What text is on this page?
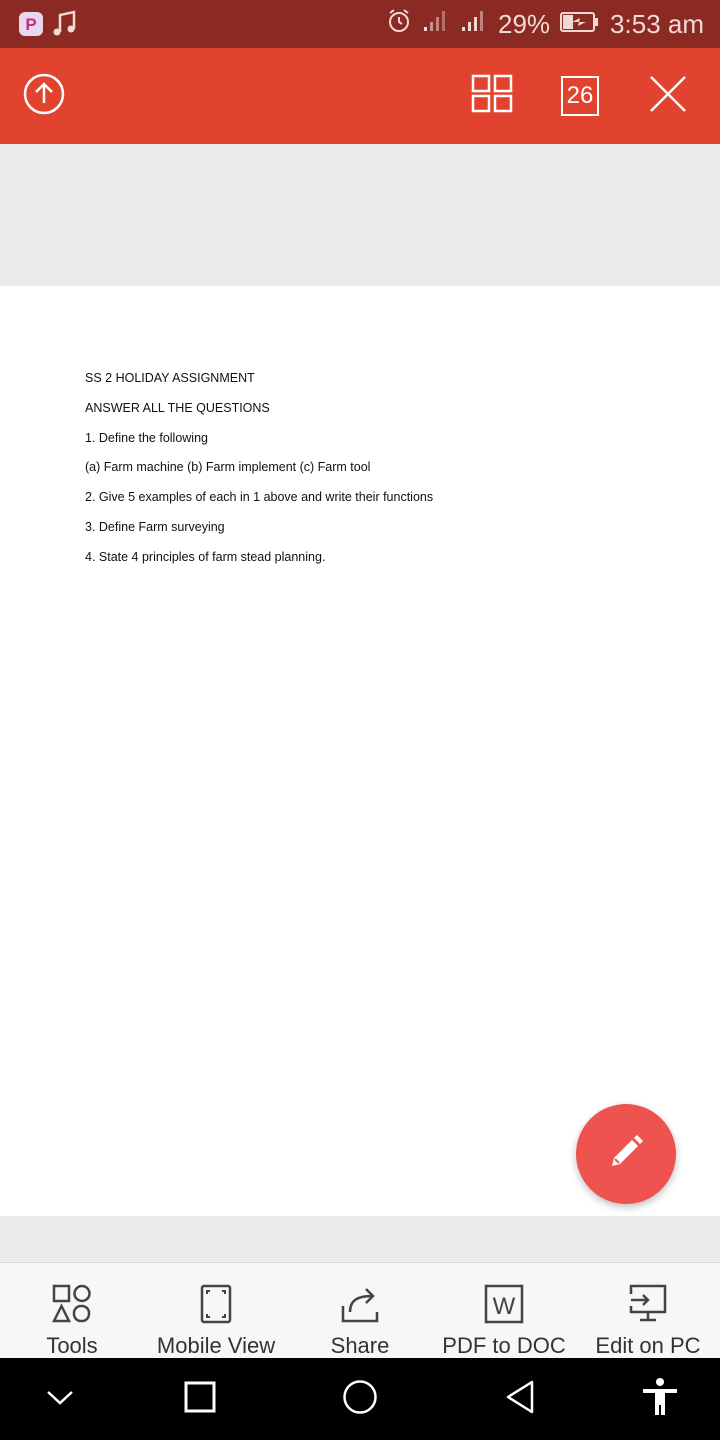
P	29% 3:53 am
26
SS 2 HOLIDAY ASSIGNMENT
ANSWER ALL THE QUESTIONS
1. Define the following
(a) Farm machine (b) Farm implement (c) Farm tool
2. Give 5 examples of each in 1 above and write their functions
3. Define Farm surveying
4. State 4 principles of farm stead planning.
Tools	Mobile View	Share
W
PDF to DOC Edit on PC
